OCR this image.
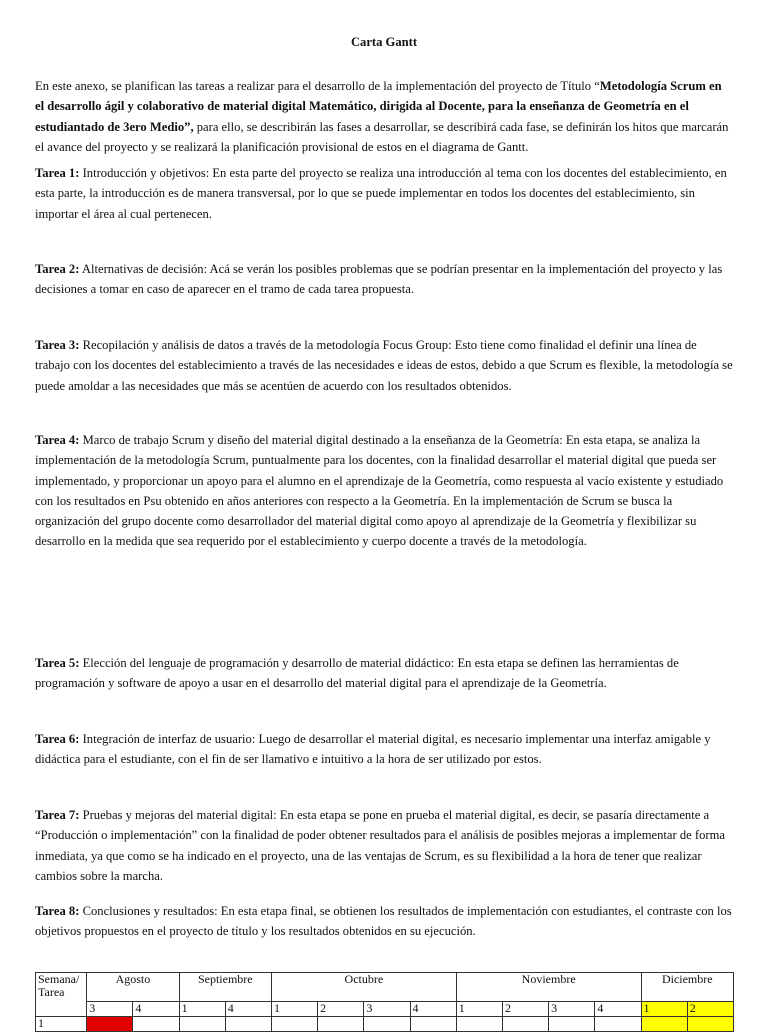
Carta Gantt
En este anexo, se planifican las tareas a realizar para el desarrollo de la implementación del proyecto de Título “Metodología Scrum en el desarrollo ágil y colaborativo de material digital Matemático, dirigida al Docente, para la enseñanza de Geometría en el estudiantado de 3ero Medio”, para ello, se describirán las fases a desarrollar, se describirá cada fase, se definirán los hitos que marcarán el avance del proyecto y se realizará la planificación provisional de estos en el diagrama de Gantt.
Tarea 1: Introducción y objetivos: En esta parte del proyecto se realiza una introducción al tema con los docentes del establecimiento, en esta parte, la introducción es de manera transversal, por lo que se puede implementar en todos los docentes del establecimiento, sin importar el área al cual pertenecen.
Tarea 2: Alternativas de decisión: Acá se verán los posibles problemas que se podrían presentar en la implementación del proyecto y las decisiones a tomar en caso de aparecer en el tramo de cada tarea propuesta.
Tarea 3: Recopilación y análisis de datos a través de la metodología Focus Group: Esto tiene como finalidad el definir una línea de trabajo con los docentes del establecimiento a través de las necesidades e ideas de estos, debido a que Scrum es flexible, la metodología se puede amoldar a las necesidades que más se acentúen de acuerdo con los resultados obtenidos.
Tarea 4: Marco de trabajo Scrum y diseño del material digital destinado a la enseñanza de la Geometría: En esta etapa, se analiza la implementación de la metodología Scrum, puntualmente para los docentes, con la finalidad desarrollar el material digital que pueda ser implementado, y proporcionar un apoyo para el alumno en el aprendizaje de la Geometría, como respuesta al vacío existente y estudiado con los resultados en Psu obtenido en años anteriores con respecto a la Geometría. En la implementación de Scrum se busca la organización del grupo docente como desarrollador del material digital como apoyo al aprendizaje de la Geometría y flexibilizar su desarrollo en la medida que sea requerido por el establecimiento y cuerpo docente a través de la metodología.
Tarea 5: Elección del lenguaje de programación y desarrollo de material didáctico: En esta etapa se definen las herramientas de programación y software de apoyo a usar en el desarrollo del material digital para el aprendizaje de la Geometría.
Tarea 6: Integración de interfaz de usuario: Luego de desarrollar el material digital, es necesario implementar una interfaz amigable y didáctica para el estudiante, con el fin de ser llamativo e intuitivo a la hora de ser utilizado por estos.
Tarea 7: Pruebas y mejoras del material digital: En esta etapa se pone en prueba el material digital, es decir, se pasaría directamente a “Producción o implementación” con la finalidad de poder obtener resultados para el análisis de posibles mejoras a implementar de forma inmediata, ya que como se ha indicado en el proyecto, una de las ventajas de Scrum, es su flexibilidad a la hora de tener que realizar cambios sobre la marcha.
Tarea 8: Conclusiones y resultados: En esta etapa final, se obtienen los resultados de implementación con estudiantes, el contraste con los objetivos propuestos en el proyecto de título y los resultados obtenidos en su ejecución.
Semana/ Tarea	Agosto		Septiembre		Octubre				Noviembre				Diciembre	
	3	4	1	4	1	2	3	4	1	2	3	4	1	2
1														
